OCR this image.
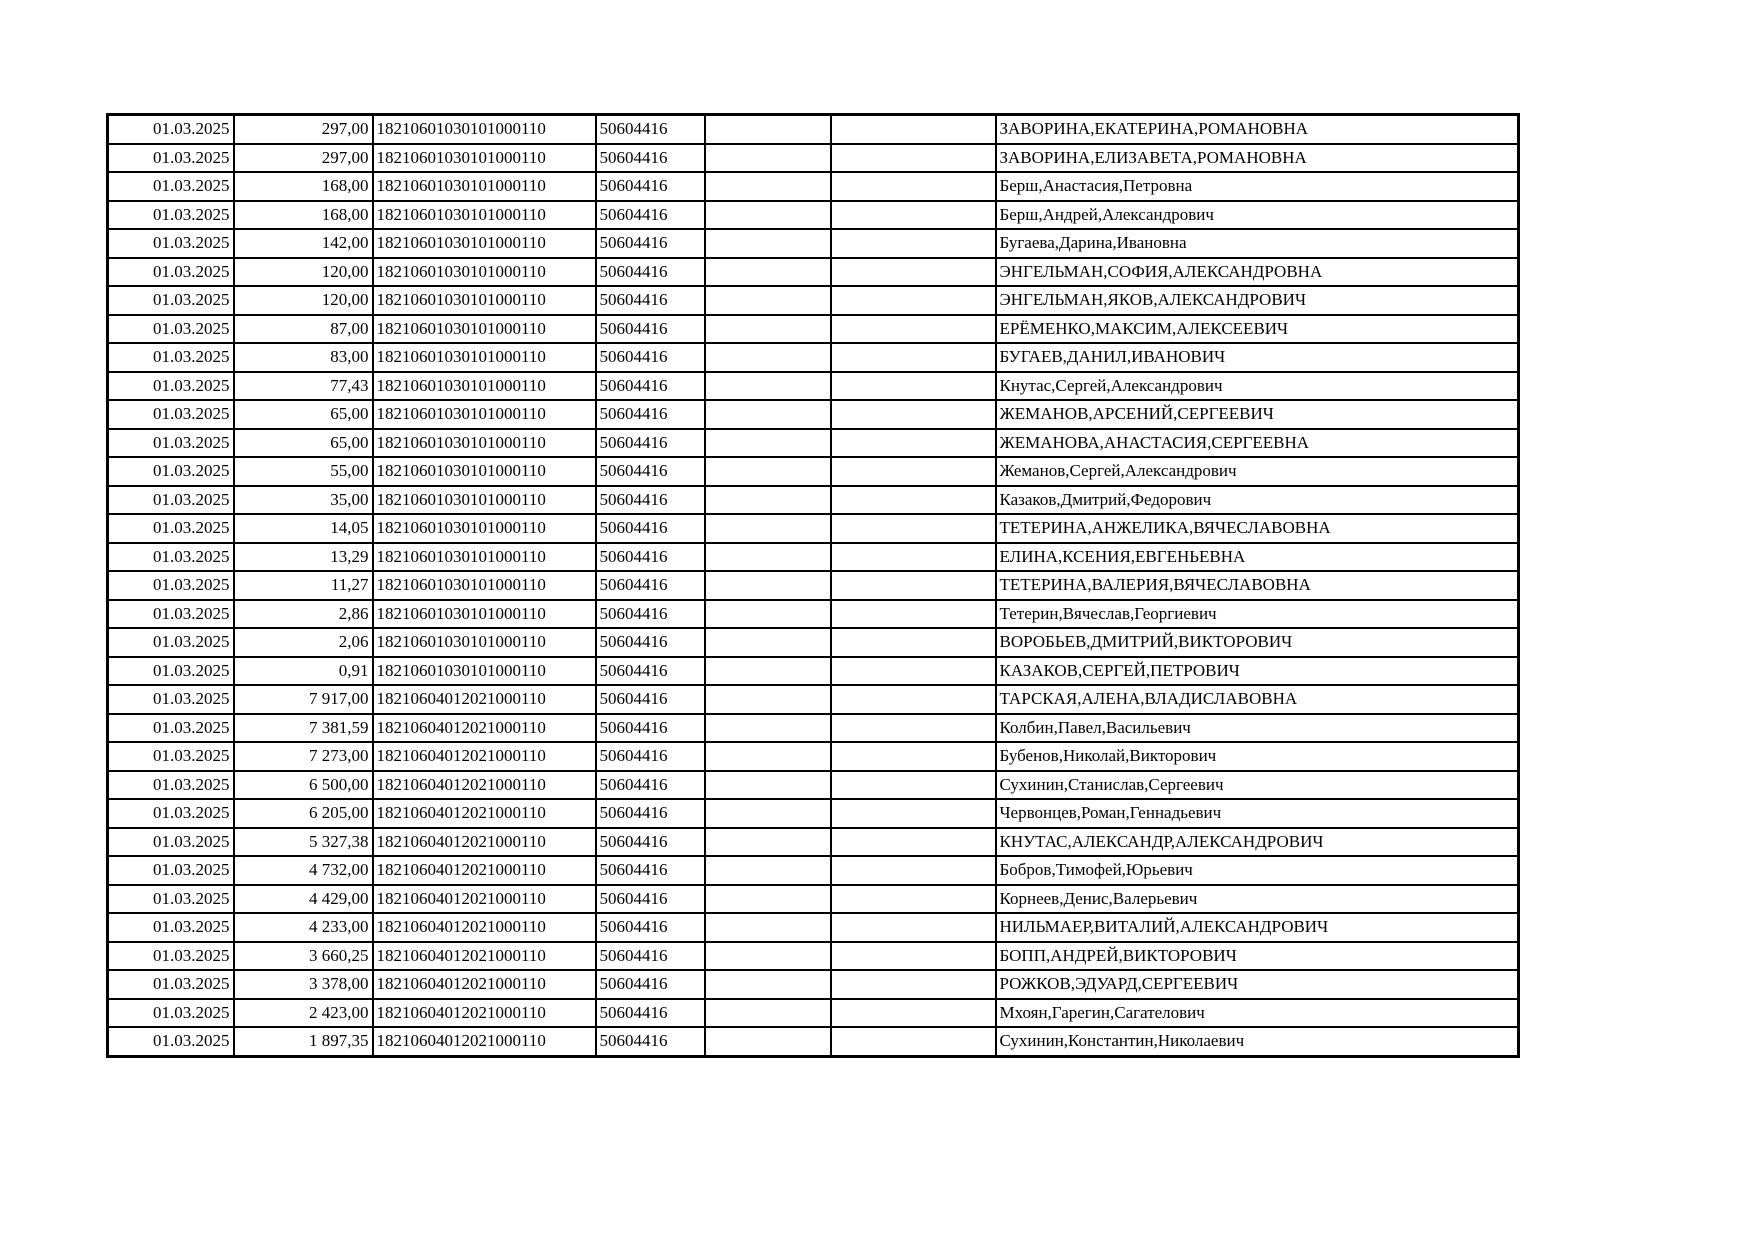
01.03.2025	297,00	18210601030101000110	50604416			ЗАВОРИНА,ЕКАТЕРИНА,РОМАНОВНА
01.03.2025	297,00	18210601030101000110	50604416			ЗАВОРИНА,ЕЛИЗАВЕТА,РОМАНОВНА
01.03.2025	168,00	18210601030101000110	50604416			Берш,Анастасия,Петровна
01.03.2025	168,00	18210601030101000110	50604416			Берш,Андрей,Александрович
01.03.2025	142,00	18210601030101000110	50604416			Бугаева,Дарина,Ивановна
01.03.2025	120,00	18210601030101000110	50604416			ЭНГЕЛЬМАН,СОФИЯ,АЛЕКСАНДРОВНА
01.03.2025	120,00	18210601030101000110	50604416			ЭНГЕЛЬМАН,ЯКОВ,АЛЕКСАНДРОВИЧ
01.03.2025	87,00	18210601030101000110	50604416			ЕРЁМЕНКО,МАКСИМ,АЛЕКСЕЕВИЧ
01.03.2025	83,00	18210601030101000110	50604416			БУГАЕВ,ДАНИЛ,ИВАНОВИЧ
01.03.2025	77,43	18210601030101000110	50604416			Кнутас,Сергей,Александрович
01.03.2025	65,00	18210601030101000110	50604416			ЖЕМАНОВ,АРСЕНИЙ,СЕРГЕЕВИЧ
01.03.2025	65,00	18210601030101000110	50604416			ЖЕМАНОВА,АНАСТАСИЯ,СЕРГЕЕВНА
01.03.2025	55,00	18210601030101000110	50604416			Жеманов,Сергей,Александрович
01.03.2025	35,00	18210601030101000110	50604416			Казаков,Дмитрий,Федорович
01.03.2025	14,05	18210601030101000110	50604416			ТЕТЕРИНА,АНЖЕЛИКА,ВЯЧЕСЛАВОВНА
01.03.2025	13,29	18210601030101000110	50604416			ЕЛИНА,КСЕНИЯ,ЕВГЕНЬЕВНА
01.03.2025	11,27	18210601030101000110	50604416			ТЕТЕРИНА,ВАЛЕРИЯ,ВЯЧЕСЛАВОВНА
01.03.2025	2,86	18210601030101000110	50604416			Тетерин,Вячеслав,Георгиевич
01.03.2025	2,06	18210601030101000110	50604416			ВОРОБЬЕВ,ДМИТРИЙ,ВИКТОРОВИЧ
01.03.2025	0,91	18210601030101000110	50604416			КАЗАКОВ,СЕРГЕЙ,ПЕТРОВИЧ
01.03.2025	7 917,00	18210604012021000110	50604416			ТАРСКАЯ,АЛЕНА,ВЛАДИСЛАВОВНА
01.03.2025	7 381,59	18210604012021000110	50604416			Колбин,Павел,Васильевич
01.03.2025	7 273,00	18210604012021000110	50604416			Бубенов,Николай,Викторович
01.03.2025	6 500,00	18210604012021000110	50604416			Сухинин,Станислав,Сергеевич
01.03.2025	6 205,00	18210604012021000110	50604416			Червонцев,Роман,Геннадьевич
01.03.2025	5 327,38	18210604012021000110	50604416			КНУТАС,АЛЕКСАНДР,АЛЕКСАНДРОВИЧ
01.03.2025	4 732,00	18210604012021000110	50604416			Бобров,Тимофей,Юрьевич
01.03.2025	4 429,00	18210604012021000110	50604416			Корнеев,Денис,Валерьевич
01.03.2025	4 233,00	18210604012021000110	50604416			НИЛЬМАЕР,ВИТАЛИЙ,АЛЕКСАНДРОВИЧ
01.03.2025	3 660,25	18210604012021000110	50604416			БОПП,АНДРЕЙ,ВИКТОРОВИЧ
01.03.2025	3 378,00	18210604012021000110	50604416			РОЖКОВ,ЭДУАРД,СЕРГЕЕВИЧ
01.03.2025	2 423,00	18210604012021000110	50604416			Мхоян,Гарегин,Сагателович
01.03.2025	1 897,35	18210604012021000110	50604416			Сухинин,Константин,Николаевич
